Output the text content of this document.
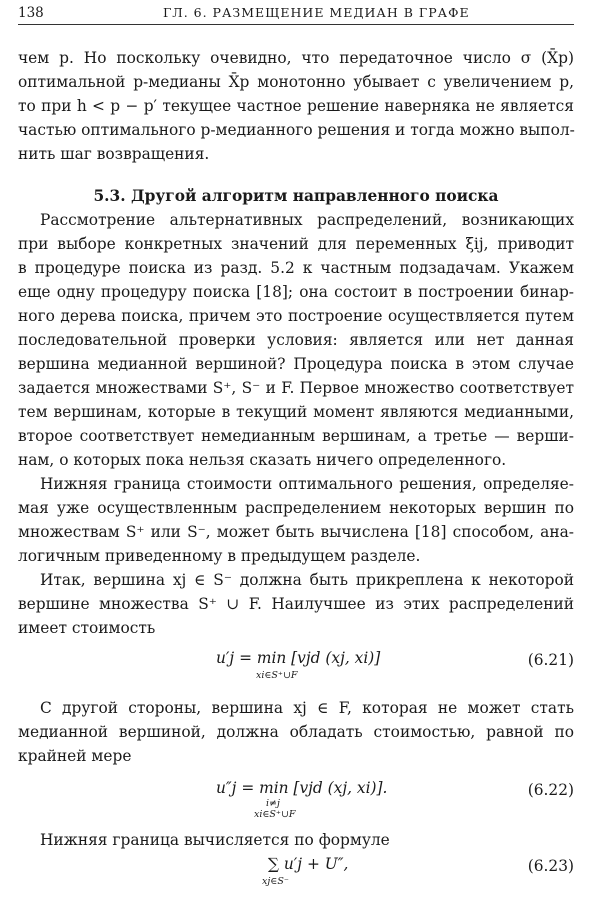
138	ГЛ. 6. РАЗМЕЩЕНИЕ МЕДИАН В ГРАФЕ
чем p. Но поскольку очевидно, что передаточное число σ (X̄p)
оптимальной p-медианы X̄p монотонно убывает с увеличением p,
то при h < p − p′ текущее частное решение наверняка не является
частью оптимального p-медианного решения и тогда можно выпол-
нить шаг возвращения.
5.3. Другой алгоритм направленного поиска
Рассмотрение альтернативных распределений, возникающих
при выборе конкретных значений для переменных ξij, приводит
в процедуре поиска из разд. 5.2 к частным подзадачам. Укажем
еще одну процедуру поиска [18]; она состоит в построении бинар-
ного дерева поиска, причем это построение осуществляется путем
последовательной проверки условия: является или нет данная
вершина медианной вершиной? Процедура поиска в этом случае
задается множествами S⁺, S⁻ и F. Первое множество соответствует
тем вершинам, которые в текущий момент являются медианными,
второе соответствует немедианным вершинам, а третье — верши-
нам, о которых пока нельзя сказать ничего определенного.
Нижняя граница стоимости оптимального решения, определяе-
мая уже осуществленным распределением некоторых вершин по
множествам S⁺ или S⁻, может быть вычислена [18] способом, ана-
логичным приведенному в предыдущем разделе.
Итак, вершина xj ∈ S⁻ должна быть прикреплена к некоторой
вершине множества S⁺ ∪ F. Наилучшее из этих распределений
имеет стоимость
u′j = min [vjd (xj, xi)]
xi∈S⁺∪F
(6.21)
С другой стороны, вершина xj ∈ F, которая не может стать
медианной вершиной, должна обладать стоимостью, равной по
крайней мере
u″j = min [vjd (xj, xi)].
i≠j
xi∈S⁺∪F
(6.22)
Нижняя граница вычисляется по формуле
∑ u′j + U″,
xj∈S⁻
(6.23)
